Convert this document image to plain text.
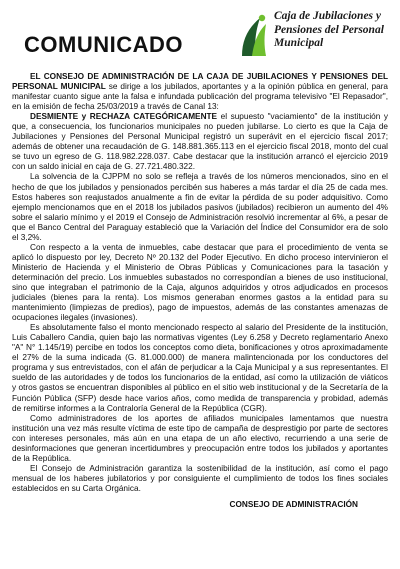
COMUNICADO
Caja de Jubilaciones y
Pensiones del Personal
Municipal

EL CONSEJO DE ADMINISTRACIÓN DE LA CAJA DE JUBILACIONES Y PENSIONES DEL PERSONAL MUNICIPAL se dirige a los jubilados, aportantes y a la opinión pública en general, para manifestar cuanto sigue ante la falsa e infundada publicación del programa televisivo "El Repasador", en la emisión de fecha 25/03/2019 a través de Canal 13:

DESMIENTE y RECHAZA CATEGÓRICAMENTE el supuesto "vaciamiento" de la institución y que, a consecuencia, los funcionarios municipales no pueden jubilarse. Lo cierto es que la Caja de Jubilaciones y Pensiones del Personal Municipal registró un superávit en el ejercicio fiscal 2017; además de obtener una recaudación de G. 148.881.365.113 en el ejercicio fiscal 2018, monto del cual se tuvo un egreso de G. 118.982.228.037. Cabe destacar que la institución arrancó el ejercicio 2019 con un saldo inicial en caja de G. 27.721.480.322.

La solvencia de la CJPPM no solo se refleja a través de los números mencionados, sino en el hecho de que los jubilados y pensionados percibén sus haberes a más tardar el día 25 de cada mes. Estos haberes son reajustados anualmente a fin de evitar la pérdida de su poder adquisitivo. Como ejemplo mencionamos que en el 2018 los jubilados pasivos (jubilados) recibieron un aumento del 4% sobre el salario mínimo y el 2019 el Consejo de Administración resolvió incrementar al 6%, a pesar de que el Banco Central del Paraguay estableció que la Variación del Índice del Consumidor era de solo el 3,2%.

Con respecto a la venta de inmuebles, cabe destacar que para el procedimiento de venta se aplicó lo dispuesto por ley, Decreto Nº 20.132 del Poder Ejecutivo. En dicho proceso intervinieron el Ministerio de Hacienda y el Ministerio de Obras Públicas y Comunicaciones para la tasación y determinación del precio. Los inmuebles subastados no correspondían a bienes de uso institucional, sino que integraban el patrimonio de la Caja, algunos adquiridos y otros adjudicados en procesos judiciales (bienes para la renta). Los mismos generaban enormes gastos a la entidad para su mantenimiento (limpiezas de predios), pago de impuestos, además de las constantes amenazas de ocupaciones ilegales (invasiones).

Es absolutamente falso el monto mencionado respecto al salario del Presidente de la institución, Luis Caballero Candia, quien bajo las normativas vigentes (Ley 6.258 y Decreto reglamentario Anexo "A" N° 1.145/19) percibe en todos los conceptos como dieta, bonificaciones y otros aproximadamente el 27% de la suma indicada (G. 81.000.000) de manera malintencionada por los conductores del programa y sus entrevistados, con el afán de perjudicar a la Caja Municipal y a sus representantes. El sueldo de las autoridades y de todos los funcionarios de la entidad, así como la utilización de viáticos y otros gastos se encuentran disponibles al público en el sitio web institucional y de la Secretaría de la Función Pública (SFP) desde hace varios años, como medida de transparencia y probidad, además de remitirse informes a la Contraloría General de la República (CGR).

Como administradores de los aportes de afiliados municipales lamentamos que nuestra institución una vez más resulte víctima de este tipo de campaña de desprestigio por parte de sectores con intereses personales, más aún en una etapa de un año electivo, recurriendo a una serie de desinformaciones que generan incertidumbres y preocupación entre todos los jubilados y aportantes de la República.

El Consejo de Administración garantiza la sostenibilidad de la institución, así como el pago mensual de los haberes jubilatorios y por consiguiente el cumplimiento de todos los fines sociales establecidos en su Carta Orgánica.

CONSEJO DE ADMINISTRACIÓN
